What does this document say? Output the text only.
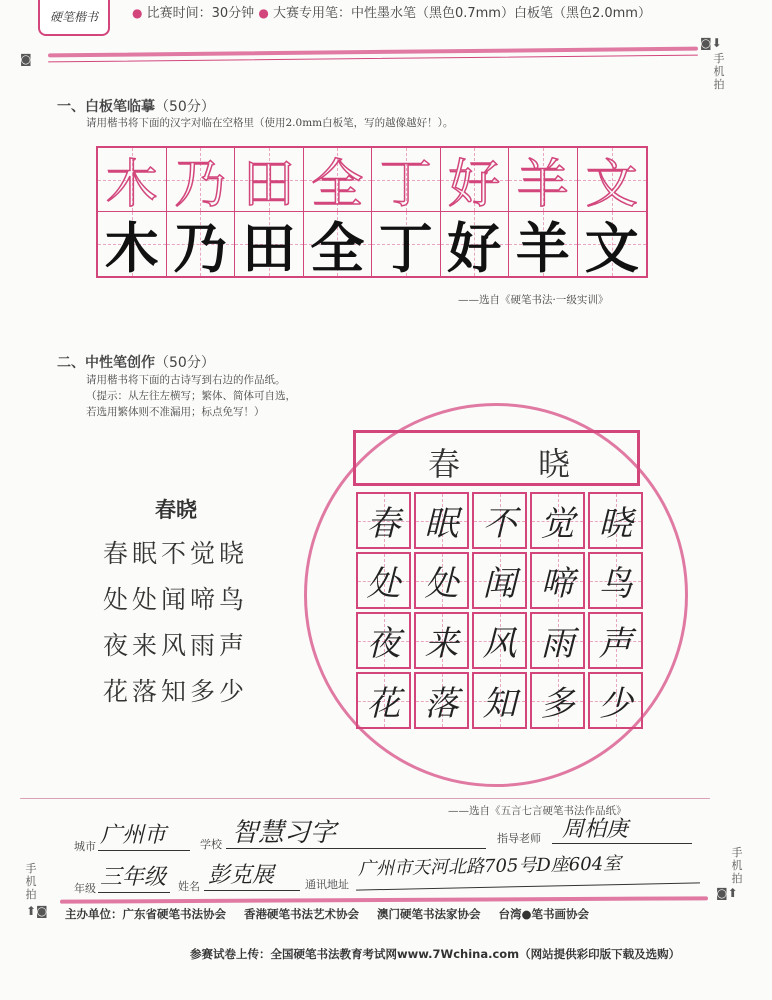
硬笔楷书	● 比赛时间：30分钟 ● 大赛专用笔：中性墨水笔（黑色0.7mm）白板笔（黑色2.0mm）
◙
◙⬇
手机拍
一、白板笔临摹（50分）
请用楷书将下面的汉字对临在空格里（使用2.0mm白板笔，写的越像越好！）。
木 乃 田 全 丁 好 羊 文
木 乃 田 全 丁 好 羊 文
——选自《硬笔书法·一级实训》
二、中性笔创作（50分）
请用楷书将下面的古诗写到右边的作品纸。
（提示：从左往左横写；繁体、简体可自选，
若选用繁体则不准漏用；标点免写！）
春晓
春眠不觉晓
处处闻啼鸟
夜来风雨声
花落知多少
春 晓
春 眠 不 觉 晓
处 处 闻 啼 鸟
夜 来 风 雨 声
花 落 知 多 少
——选自《五言七言硬笔书法作品纸》
城市 广州市	学校 智慧习字	指导老师 周柏庚
年级 三年级 姓名 彭克展	通讯地址
广州市天河北路705号D座604室
手机拍
⬆◙
手机拍
◙⬆
主办单位：广东省硬笔书法协会 香港硬笔书法艺术协会 澳门硬笔书法家协会 台湾●笔书画协会
参赛试卷上传：全国硬笔书法教育考试网www.7Wchina.com（网站提供彩印版下载及选购）
